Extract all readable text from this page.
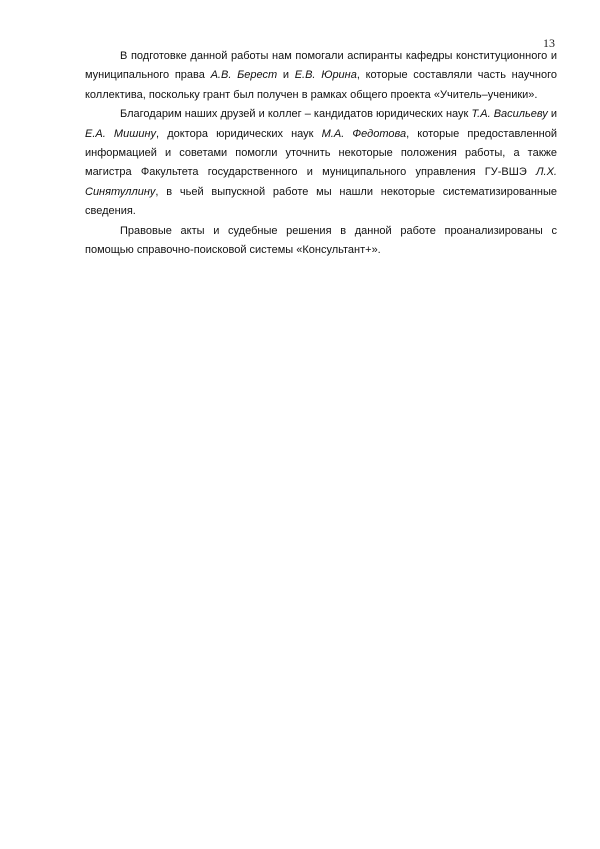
13

В подготовке данной работы нам помогали аспиранты кафедры конституционного и муниципального права А.В. Берест и Е.В. Юрина, которые составляли часть научного коллектива, поскольку грант был получен в рамках общего проекта «Учитель–ученики».

Благодарим наших друзей и коллег – кандидатов юридических наук Т.А. Васильеву и Е.А. Мишину, доктора юридических наук М.А. Федотова, которые предоставленной информацией и советами помогли уточнить некоторые положения работы, а также магистра Факультета государственного и муниципального управления ГУ-ВШЭ Л.Х. Синятуллину, в чьей выпускной работе мы нашли некоторые систематизированные сведения.

Правовые акты и судебные решения в данной работе проанализированы с помощью справочно-поисковой системы «Консультант+».
